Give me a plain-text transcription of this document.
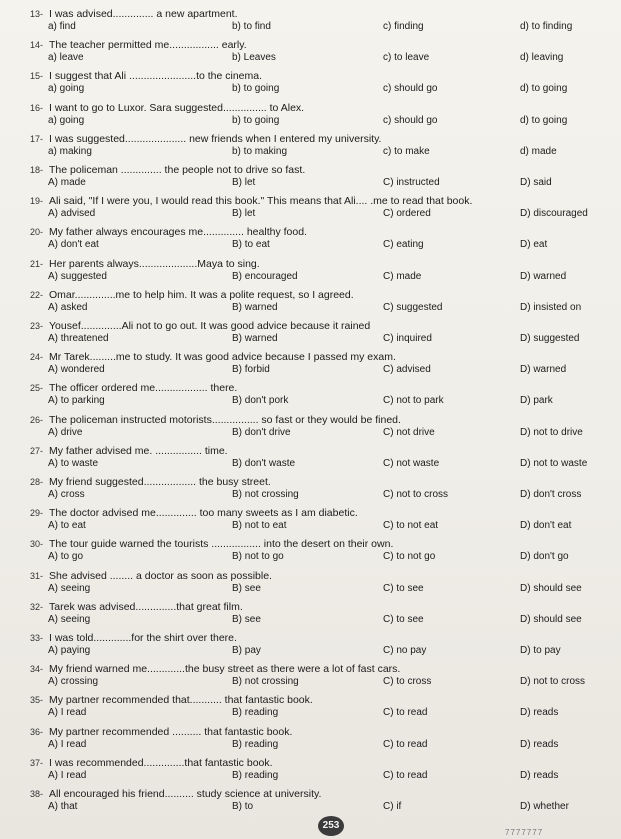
13- I was advised.............. a new apartment.
a) find	b) to find	c) finding	d) to finding
14- The teacher permitted me................. early.
a) leave	b) Leaves	c) to leave	d) leaving
15- I suggest that Ali .......................to the cinema.
a) going	b) to going	c) should go	d) to going
16- I want to go to Luxor. Sara suggested............... to Alex.
a) going	b) to going	c) should go	d) to going
17- I was suggested..................... new friends when I entered my university.
a) making	b) to making	c) to make	d) made
18- The policeman .............. the people not to drive so fast.
A) made	B) let	C) instructed	D) said
19- Ali said, "If I were you, I would read this book." This means that Ali.... .me to read that book.
A) advised	B) let	C) ordered	D) discouraged
20- My father always encourages me.............. healthy food.
A) don't eat	B) to eat	C) eating	D) eat
21- Her parents always....................Maya to sing.
A) suggested	B) encouraged	C) made	D) warned
22- Omar..............me to help him. It was a polite request, so I agreed.
A) asked	B) warned	C) suggested	D) insisted on
23- Yousef..............Ali not to go out. It was good advice because it rained
A) threatened	B) warned	C) inquired	D) suggested
24- Mr Tarek.........me to study. It was good advice because I passed my exam.
A) wondered	B) forbid	C) advised	D) warned
25- The officer ordered me.................. there.
A) to parking	B) don't pork	C) not to park	D) park
26- The policeman instructed motorists................ so fast or they would be fined.
A) drive	B) don't drive	C) not drive	D) not to drive
27- My father advised me. ................ time.
A) to waste	B) don't waste	C) not waste	D) not to waste
28- My friend suggested.................. the busy street.
A) cross	B) not crossing	C) not to cross	D) don't cross
29- The doctor advised me.............. too many sweets as I am diabetic.
A) to eat	B) not to eat	C) to not eat	D) don't eat
30- The tour guide warned the tourists ................. into the desert on their own.
A) to go	B) not to go	C) to not go	D) don't go
31- She advised ........ a doctor as soon as possible.
A) seeing	B) see	C) to see	D) should see
32- Tarek was advised..............that great film.
A) seeing	B) see	C) to see	D) should see
33- I was told.............for the shirt over there.
A) paying	B) pay	C) no pay	D) to pay
34- My friend warned me.............the busy street as there were a lot of fast cars.
A) crossing	B) not crossing	C) to cross	D) not to cross
35- My partner recommended that........... that fantastic book.
A) I read	B) reading	C) to read	D) reads
36- My partner recommended .......... that fantastic book.
A) I read	B) reading	C) to read	D) reads
37- I was recommended..............that fantastic book.
A) I read	B) reading	C) to read	D) reads
38- All encouraged his friend.......... study science at university.
A) that	B) to	C) if	D) whether
253
7777777
